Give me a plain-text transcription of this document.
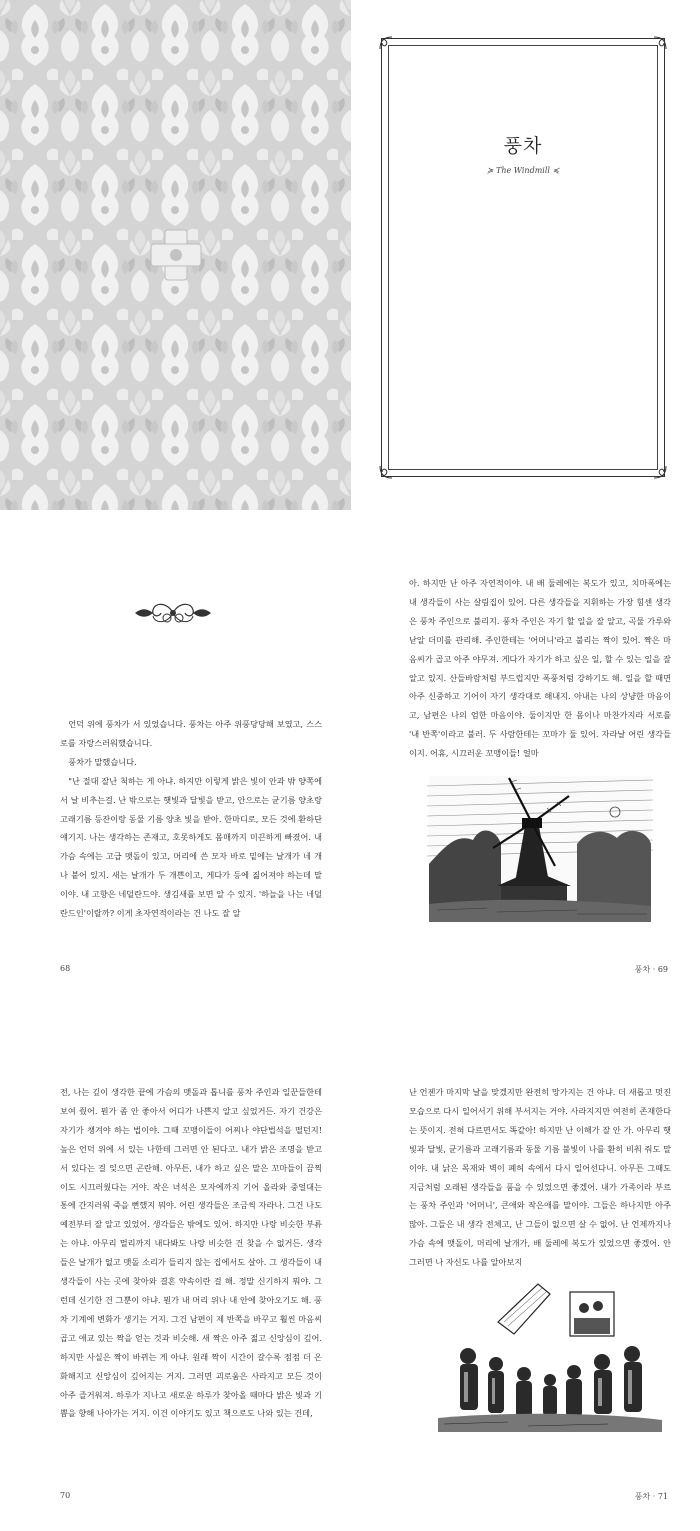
풍차
≽ The Windmill ≼

언덕 위에 풍차가 서 있었습니다. 풍차는 아주 위풍당당해 보였고, 스스로를 자랑스러워했습니다.

풍차가 말했습니다.

"난 절대 잘난 척하는 게 아냐. 하지만 이렇게 밝은 빛이 안과 밖 양쪽에서 날 비추는걸. 난 밖으로는 햇빛과 달빛을 받고, 안으로는 균기름 양초랑 고래기름 등잔이랑 동물 기름 양초 빛을 받아. 한마디로, 모든 것에 환하단 얘기지. 나는 생각하는 존재고, 호못하게도 몸매까지 미끈하게 빠졌어. 내 가슴 속에는 고급 맷돌이 있고, 머리에 쓴 모자 바로 밑에는 날개가 네 개나 붙어 있지. 새는 날개가 두 개쁜이고, 게다가 등에 짊어져야 하는데 말이야. 내 고향은 네덜란드야. 생김새를 보면 알 수 있지. '하늘을 나는 네덜란드인'이랄까? 이게 초자연적이라는 건 나도 잘 알

68

아. 하지만 난 아주 자연적이야. 내 배 둘레에는 복도가 있고, 치마폭에는 내 생각들이 사는 살림집이 있어. 다른 생각들을 지휘하는 가장 힘센 생각은 풍차 주인으로 불리지. 풍차 주인은 자기 할 일을 잘 알고, 곡물 가루와 낟알 더미를 관리해. 주인한테는 '어머니'라고 불리는 짝이 있어. 짝은 마음씨가 곱고 아주 야무져. 게다가 자기가 하고 싶은 일, 할 수 있는 일을 잘 알고 있지. 산들바람처럼 부드럽지만 폭풍처럼 강하기도 해. 일을 할 때면 아주 신중하고 기어이 자기 생각대로 해내지. 아내는 나의 상냥한 마음이고, 남편은 나의 엄한 마음이야. 둘이지만 한 몸이나 마찬가지라 서로를 '내 반쪽'이라고 불러. 두 사람한테는 꼬마가 둘 있어. 자라날 어린 생각들이지. 어휴, 시끄러운 꼬맹이들! 얼마

풍차 · 69

전, 나는 깊이 생각한 끝에 가슴의 맷돌과 톱니를 풍차 주인과 일꾼들한테 보여 줬어. 뭔가 좀 안 좋아서 어디가 나쁜지 알고 싶었거든. 자기 건강은 자기가 챙겨야 하는 법이야. 그때 꼬맹이들이 어찌나 야단법석을 떨던지! 높은 언덕 위에 서 있는 나한테 그러면 안 된다고. 내가 밝은 조명을 받고 서 있다는 걸 잊으면 곤란해. 아무튼, 내가 하고 싶은 말은 꼬마들이 끔찍이도 시끄러웠다는 거야. 작은 녀석은 모자에까지 기어 올라와 중얼대는 통에 간지러워 죽을 뻔했지 뭐야. 어린 생각들은 조금씩 자라나. 그건 나도 예전부터 잘 알고 있었어. 생각들은 밖에도 있어. 하지만 나랑 비슷한 부류는 아냐. 아무리 멀리까지 내다봐도 나랑 비슷한 건 찾을 수 없거든. 생각들은 날개가 없고 맷돌 소리가 들리지 않는 집에서도 살아. 그 생각들이 내 생각들이 사는 곳에 찾아와 결혼 약속이란 걸 해. 정말 신기하지 뭐야. 그런데 신기한 건 그뿐이 아냐. 뭔가 내 머리 위나 내 안에 찾아오기도 해. 풍차 기계에 변화가 생기는 거지. 그건 남편이 제 반쪽을 바꾸고 훨씬 마음씨 곱고 애교 있는 짝을 얻는 것과 비슷해. 새 짝은 아주 젊고 신앙심이 깊어. 하지만 사실은 짝이 바뀌는 게 아냐. 원래 짝이 시간이 갈수록 점점 더 온화해지고 신앙심이 깊어지는 거지. 그러면 괴로움은 사라지고 모든 것이 아주 즐거워져. 하루가 지나고 새로운 하루가 찾아올 때마다 밝은 빛과 기쁨을 향해 나아가는 거지. 이건 이야기도 있고 책으로도 나와 있는 건데,

70

난 언젠가 마지막 날을 맞겠지만 완전히 망가지는 건 아냐. 더 새롭고 멋진 모습으로 다시 일어서기 위해 부서지는 거야. 사라지지만 여전히 존재한다는 뜻이지. 전혀 다르면서도 똑같아! 하지만 난 이해가 잘 안 가. 아무리 햇빛과 달빛, 균기름과 고래기름과 동물 기름 불빛이 나를 환히 비춰 줘도 말이야. 내 낡은 목재와 벽이 폐허 속에서 다시 일어선다니. 아무튼 그때도 지금처럼 오래된 생각들을 품을 수 있었으면 좋겠어. 내가 가족이라 부르는 풍차 주인과 '어머니', 큰애와 작은애를 말이야. 그들은 하나지만 아주 많아. 그들은 내 생각 전체고, 난 그들이 없으면 살 수 없어. 난 언제까지나 가슴 속에 맷돌이, 머리에 날개가, 배 둘레에 복도가 있었으면 좋겠어. 안 그러면 나 자신도 나를 알아보지

풍차 · 71
